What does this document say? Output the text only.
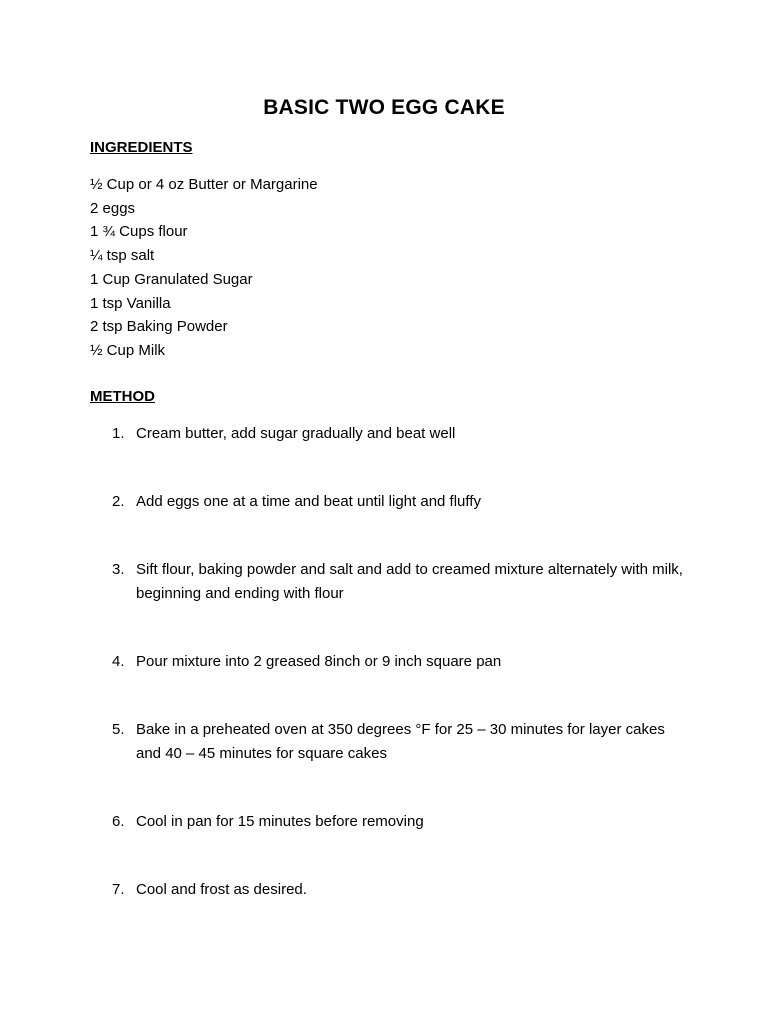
BASIC TWO EGG CAKE
INGREDIENTS
½ Cup or 4 oz Butter or Margarine
2 eggs
1 ¾ Cups flour
¼ tsp salt
1 Cup Granulated Sugar
1 tsp Vanilla
2 tsp Baking Powder
½ Cup Milk
METHOD
1. Cream butter, add sugar gradually and beat well
2. Add eggs one at a time and beat until light and fluffy
3. Sift flour, baking powder and salt and add to creamed mixture alternately with milk, beginning and ending with flour
4. Pour mixture into 2 greased 8inch or 9 inch square pan
5. Bake in a preheated oven at 350 degrees °F for 25 – 30 minutes for layer cakes and 40 – 45 minutes for square cakes
6. Cool in pan for 15 minutes before removing
7. Cool and frost as desired.
